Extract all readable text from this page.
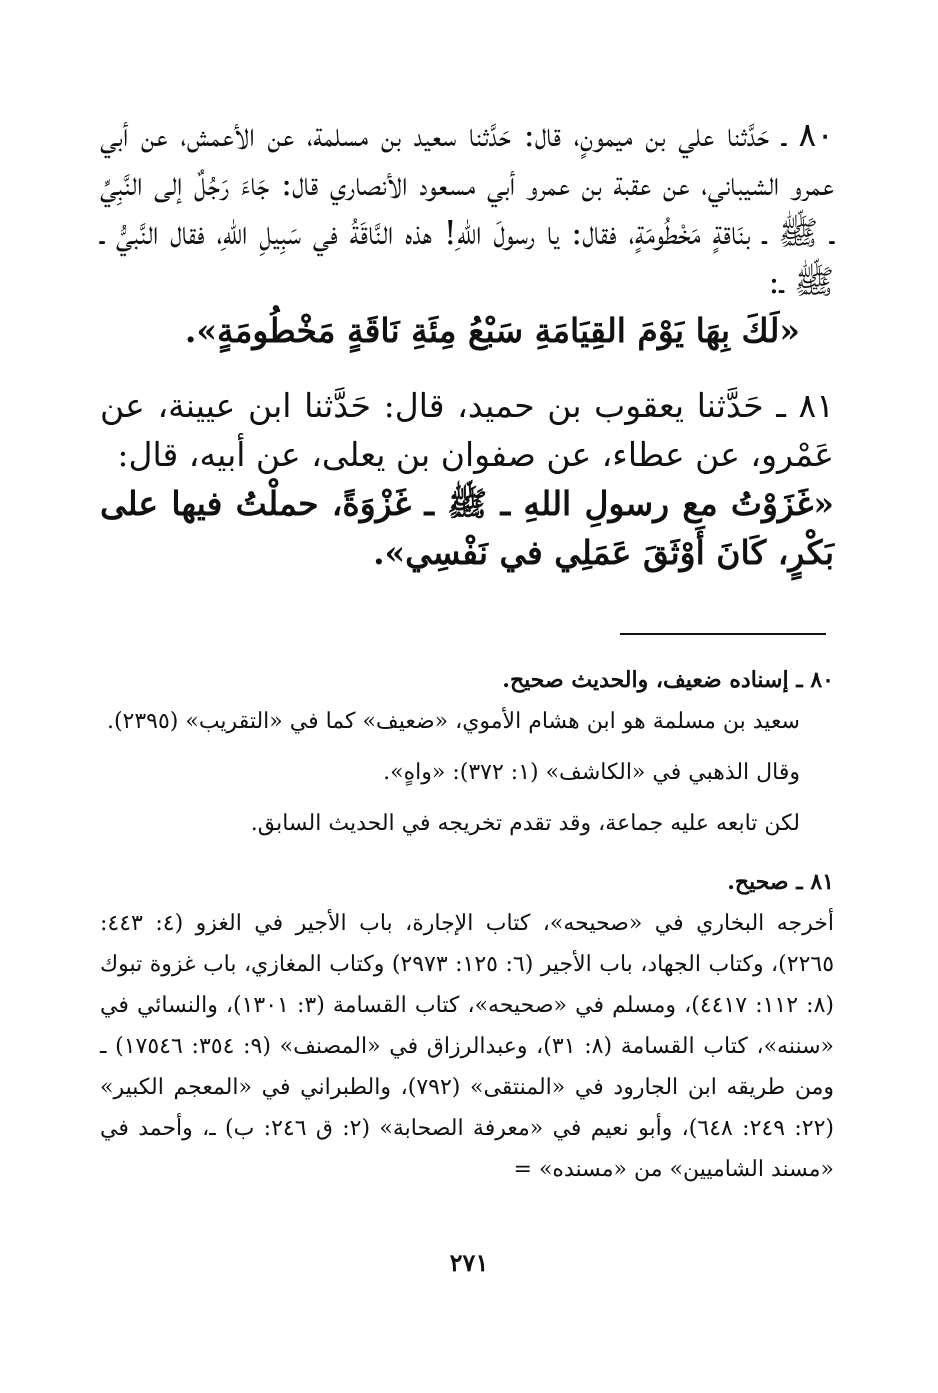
٨٠ ـ حَدَّثنا علي بن ميمونٍ، قال: حَدَّثنا سعيد بن مسلمة، عن الأعمش، عن أبي عمرو الشيباني، عن عقبة بن عمرو أبي مسعود الأنصاري قال: جَاءَ رَجُلٌ إلى النَّبِيِّ ـ ﷺ ـ بنَاقةٍ مَخْطُومَةٍ، فقال: يا رسولَ اللهِ! هذه النَّاقَةُ في سَبِيلِ اللهِ، فقال النَّبيُّ ـ ﷺ ـ:

«لَكَ بِهَا يَوْمَ القِيَامَةِ سَبْعُ مِئَةِ نَاقَةٍ مَخْطُومَةٍ».

٨١ ـ حَدَّثنا يعقوب بن حميد، قال: حَدَّثنا ابن عيينة، عن عَمْرو، عن عطاء، عن صفوان بن يعلى، عن أبيه، قال:

«غَزَوْتُ مع رسولِ اللهِ ـ ﷺ ـ غَزْوَةً، حملْتُ فيها على بَكْرٍ، كَانَ أَوْثَقَ عَمَلِي في نَفْسِي».

٨٠ ـ إسناده ضعيف، والحديث صحيح.

سعيد بن مسلمة هو ابن هشام الأموي، «ضعيف» كما في «التقريب» (٢٣٩٥).

وقال الذهبي في «الكاشف» (١: ٣٧٢): «واهٍ».

لكن تابعه عليه جماعة، وقد تقدم تخريجه في الحديث السابق.

٨١ ـ صحيح.

أخرجه البخاري في «صحيحه»، كتاب الإجارة، باب الأجير في الغزو (٤: ٤٤٣: ٢٢٦٥)، وكتاب الجهاد، باب الأجير (٦: ١٢٥: ٢٩٧٣) وكتاب المغازي، باب غزوة تبوك (٨: ١١٢: ٤٤١٧)، ومسلم في «صحيحه»، كتاب القسامة (٣: ١٣٠١)، والنسائي في «سننه»، كتاب القسامة (٨: ٣١)، وعبدالرزاق في «المصنف» (٩: ٣٥٤: ١٧٥٤٦) ـ ومن طريقه ابن الجارود في «المنتقى» (٧٩٢)، والطبراني في «المعجم الكبير» (٢٢: ٢٤٩: ٦٤٨)، وأبو نعيم في «معرفة الصحابة» (٢: ق ٢٤٦: ب) ـ، وأحمد في «مسند الشاميين» من «مسنده» =

٢٧١
